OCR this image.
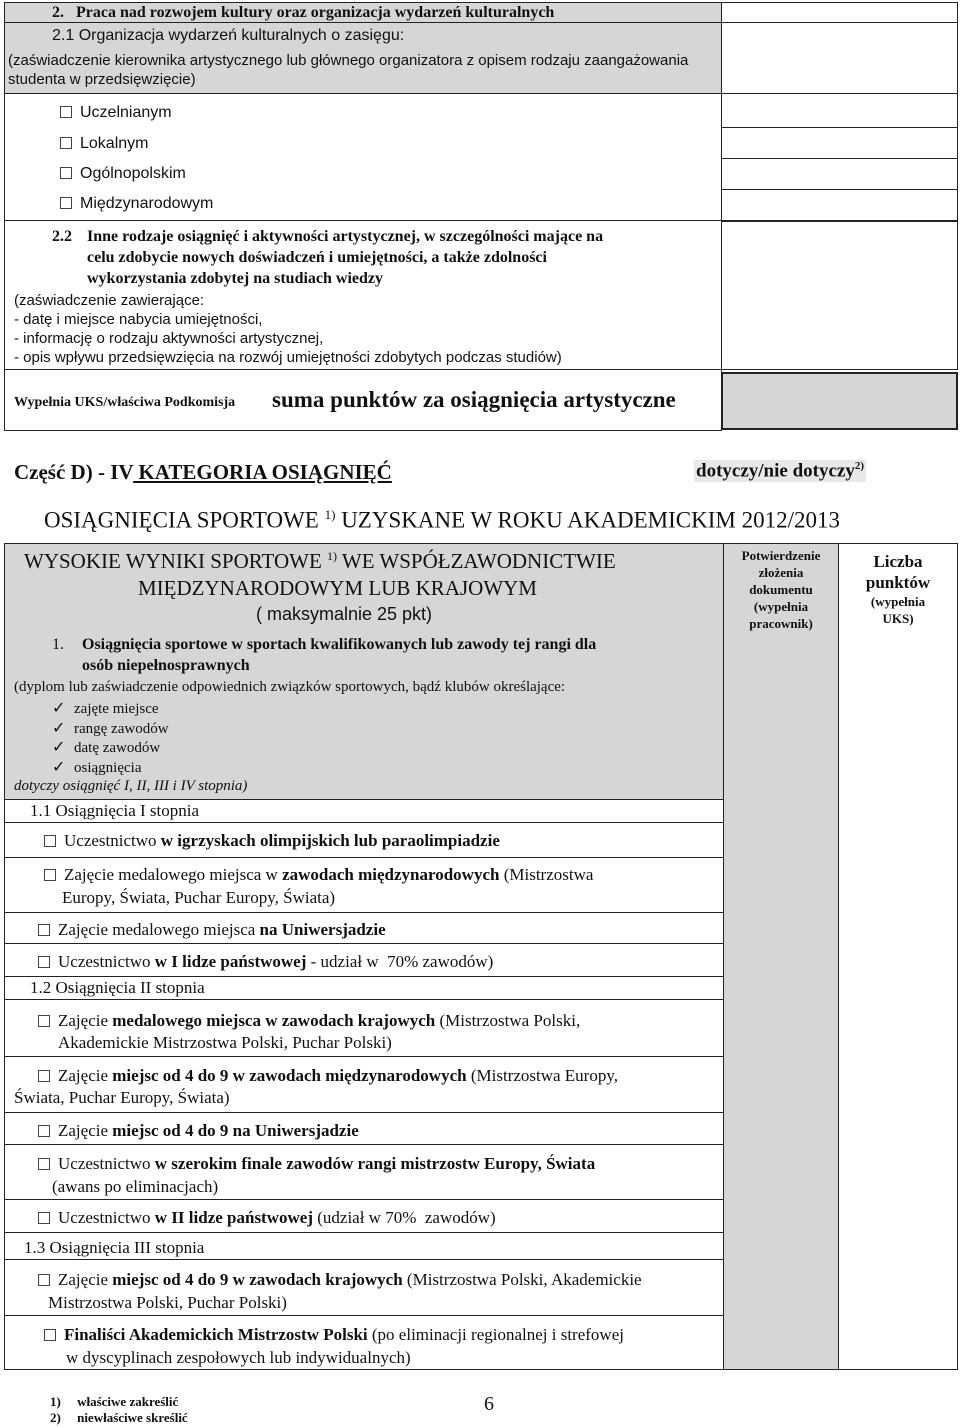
2. Praca nad rozwojem kultury oraz organizacja wydarzeń kulturalnych
2.1 Organizacja wydarzeń kulturalnych o zasięgu:
(zaświadczenie kierownika artystycznego lub głównego organizatora z opisem rodzaju zaangażowania
studenta w przedsięwzięcie)
Uczelnianym
Lokalnym
Ogólnopolskim
Międzynarodowym
2.2 Inne rodzaje osiągnięć i aktywności artystycznej, w szczególności mające na
celu zdobycie nowych doświadczeń i umiejętności, a także zdolności
wykorzystania zdobytej na studiach wiedzy
(zaświadczenie zawierające:
- datę i miejsce nabycia umiejętności,
- informację o rodzaju aktywności artystycznej,
- opis wpływu przedsięwzięcia na rozwój umiejętności zdobytych podczas studiów)
Wypełnia UKS/właściwa Podkomisja suma punktów za osiągnięcia artystyczne
Część D) - IV KATEGORIA OSIĄGNIĘĆ	dotyczy/nie dotyczy$^{2)}$
OSIĄGNIĘCIA SPORTOWE $^{1)}$ UZYSKANE W ROKU AKADEMICKIM 2012/2013
WYSOKIE WYNIKI SPORTOWE $^{1)}$ WE WSPÓŁZAWODNICTWIE
MIĘDZYNARODOWYM LUB KRAJOWYM
( maksymalnie 25 pkt)
Potwierdzenie
złożenia
dokumentu
(wypełnia
pracownik)
Liczba
punktów
(wypełnia
UKS)
1. Osiągnięcia sportowe w sportach kwalifikowanych lub zawody tej rangi dla
osób niepełnosprawnych
(dyplom lub zaświadczenie odpowiednich związków sportowych, bądź klubów określające:
✓ zajęte miejsce
✓ rangę zawodów
✓ datę zawodów
✓ osiągnięcia
dotyczy osiągnięć I, II, III i IV stopnia)
1.1 Osiągnięcia I stopnia
Uczestnictwo w igrzyskach olimpijskich lub paraolimpiadzie
Zajęcie medalowego miejsca w zawodach międzynarodowych (Mistrzostwa
Europy, Świata, Puchar Europy, Świata)
Zajęcie medalowego miejsca na Uniwersjadzie
Uczestnictwo w I lidze państwowej - udział w  70% zawodów)
1.2 Osiągnięcia II stopnia
Zajęcie medalowego miejsca w zawodach krajowych (Mistrzostwa Polski,
Akademickie Mistrzostwa Polski, Puchar Polski)
Zajęcie miejsc od 4 do 9 w zawodach międzynarodowych (Mistrzostwa Europy,
Świata, Puchar Europy, Świata)
Zajęcie miejsc od 4 do 9 na Uniwersjadzie
Uczestnictwo w szerokim finale zawodów rangi mistrzostw Europy, Świata
(awans po eliminacjach)
Uczestnictwo w II lidze państwowej (udział w 70%  zawodów)
1.3 Osiągnięcia III stopnia
Zajęcie miejsc od 4 do 9 w zawodach krajowych (Mistrzostwa Polski, Akademickie
Mistrzostwa Polski, Puchar Polski)
Finaliści Akademickich Mistrzostw Polski (po eliminacji regionalnej i strefowej
w dyscyplinach zespołowych lub indywidualnych)
1) właściwe zakreślić
2) niewłaściwe skreślić
6
